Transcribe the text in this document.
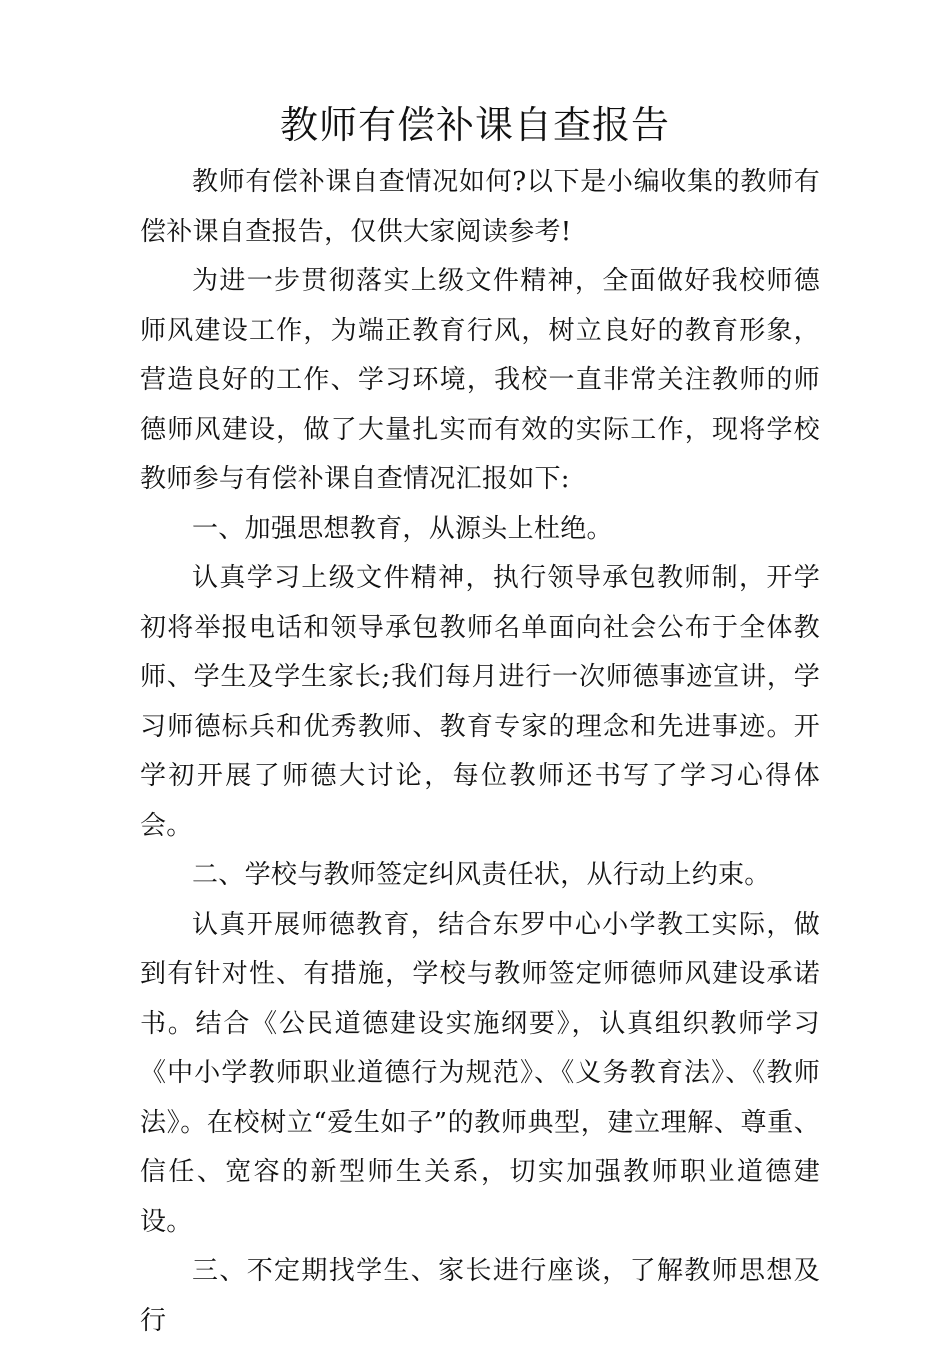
教师有偿补课自查报告

教师有偿补课自查情况如何?以下是小编收集的教师有偿补课自查报告，仅供大家阅读参考!

为进一步贯彻落实上级文件精神，全面做好我校师德师风建设工作，为端正教育行风，树立良好的教育形象，营造良好的工作、学习环境，我校一直非常关注教师的师德师风建设，做了大量扎实而有效的实际工作，现将学校教师参与有偿补课自查情况汇报如下:

一、加强思想教育，从源头上杜绝。

认真学习上级文件精神，执行领导承包教师制，开学初将举报电话和领导承包教师名单面向社会公布于全体教师、学生及学生家长;我们每月进行一次师德事迹宣讲，学习师德标兵和优秀教师、教育专家的理念和先进事迹。开学初开展了师德大讨论，每位教师还书写了学习心得体会。

二、学校与教师签定纠风责任状，从行动上约束。

认真开展师德教育，结合东罗中心小学教工实际，做到有针对性、有措施，学校与教师签定师德师风建设承诺书。结合《公民道德建设实施纲要》，认真组织教师学习《中小学教师职业道德行为规范》、《义务教育法》、《教师法》。在校树立“爱生如子”的教师典型，建立理解、尊重、信任、宽容的新型师生关系，切实加强教师职业道德建设。

三、不定期找学生、家长进行座谈，了解教师思想及行
